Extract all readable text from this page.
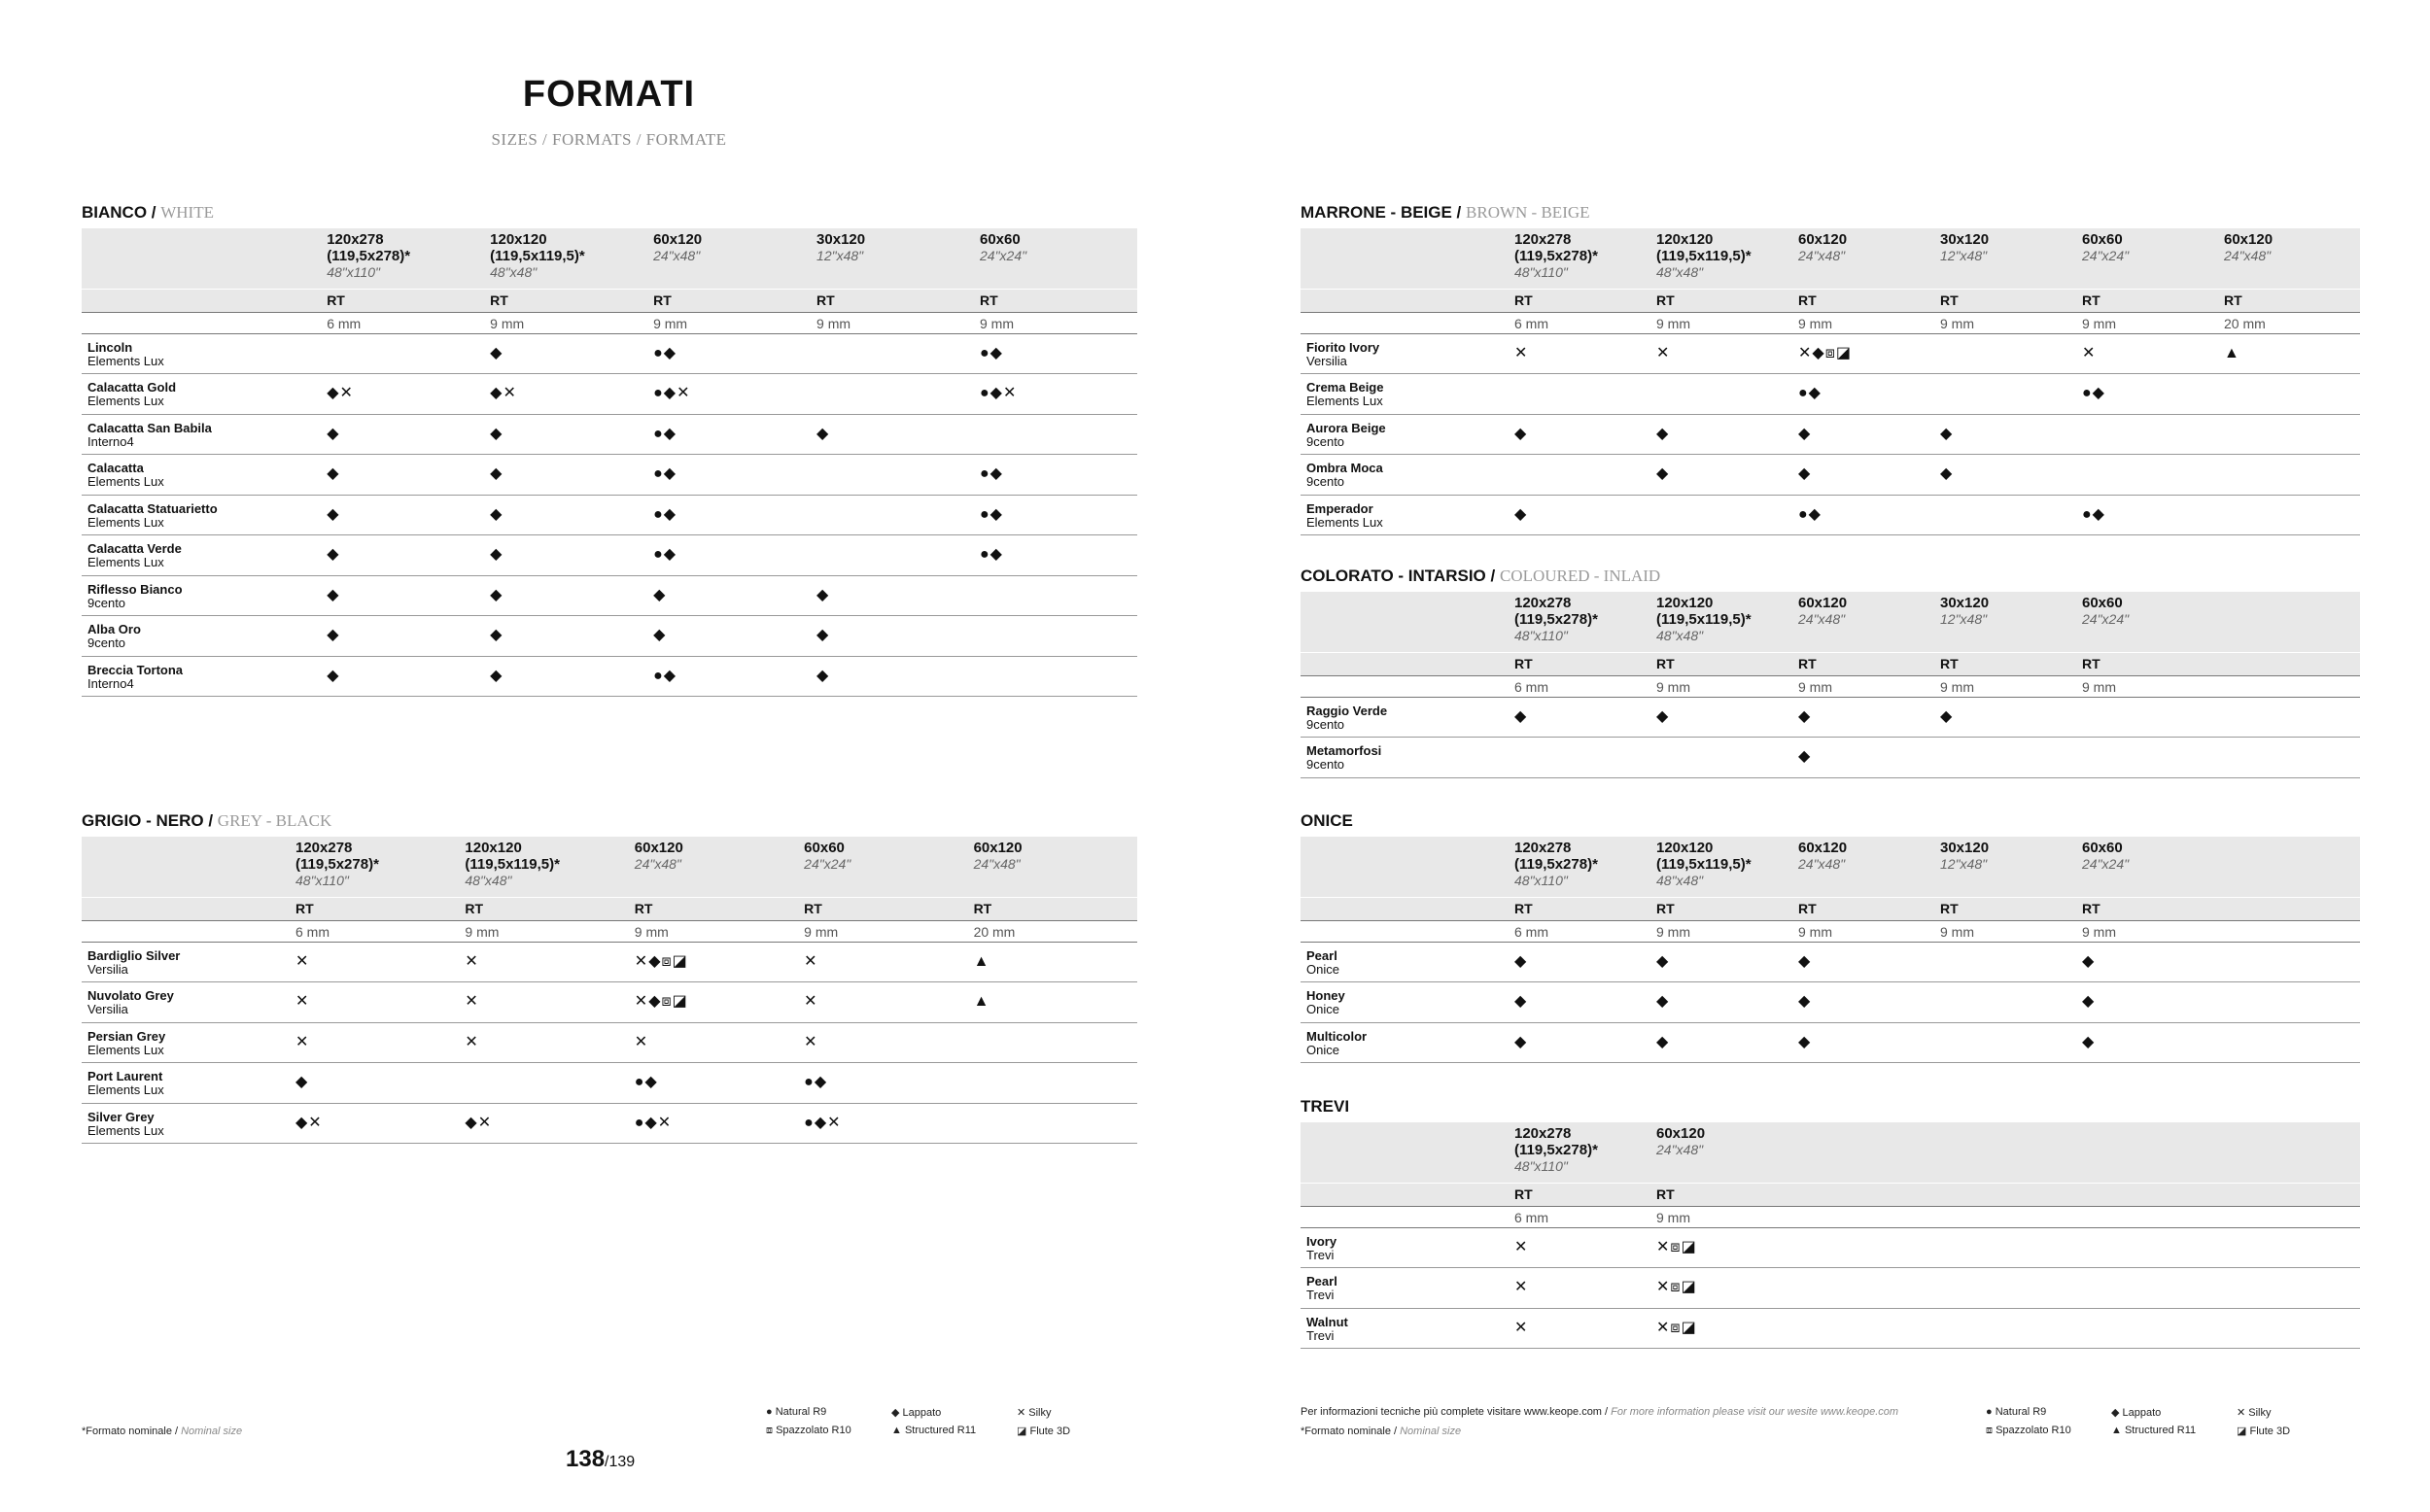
FORMATI
SIZES / FORMATS / FORMATE
BIANCO / WHITE

	120x278
(119,5x278)*
48"x110"	120x120
(119,5x119,5)*
48"x48"	60x120
24"x48"	30x120
12"x48"	60x60
24"x24"

	RT	RT	RT	RT	RT
	6 mm	9 mm	9 mm	9 mm	9 mm

Lincoln
Elements Lux		◆	●◆		●◆

Calacatta Gold
Elements Lux	◆✕	◆✕	●◆✕		●◆✕

Calacatta San Babila
Interno4	◆	◆	●◆	◆	

Calacatta
Elements Lux	◆	◆	●◆		●◆

Calacatta Statuarietto
Elements Lux	◆	◆	●◆		●◆

Calacatta Verde
Elements Lux	◆	◆	●◆		●◆

Riflesso Bianco
9cento	◆	◆	◆	◆	

Alba Oro
9cento	◆	◆	◆	◆	

Breccia Tortona
Interno4	◆	◆	●◆	◆	
GRIGIO - NERO / GREY - BLACK

	120x278
(119,5x278)*
48"x110"	120x120
(119,5x119,5)*
48"x48"	60x120
24"x48"	60x60
24"x24"	60x120
24"x48"

	RT	RT	RT	RT	RT
	6 mm	9 mm	9 mm	9 mm	20 mm

Bardiglio Silver
Versilia	✕	✕	✕◆⧈◪	✕	▲

Nuvolato Grey
Versilia	✕	✕	✕◆⧈◪	✕	▲

Persian Grey
Elements Lux	✕	✕	✕	✕	

Port Laurent
Elements Lux	◆		●◆	●◆	

Silver Grey
Elements Lux	◆✕	◆✕	●◆✕	●◆✕	
MARRONE - BEIGE / BROWN - BEIGE

	120x278
(119,5x278)*
48"x110"	120x120
(119,5x119,5)*
48"x48"	60x120
24"x48"	30x120
12"x48"	60x60
24"x24"	60x120
24"x48"

	RT	RT	RT	RT	RT	RT
	6 mm	9 mm	9 mm	9 mm	9 mm	20 mm

Fiorito Ivory
Versilia	✕	✕	✕◆⧈◪		✕	▲

Crema Beige
Elements Lux			●◆		●◆	

Aurora Beige
9cento	◆	◆	◆	◆		

Ombra Moca
9cento		◆	◆	◆		

Emperador
Elements Lux	◆		●◆		●◆	
COLORATO - INTARSIO / COLOURED - INLAID

	120x278
(119,5x278)*
48"x110"	120x120
(119,5x119,5)*
48"x48"	60x120
24"x48"	30x120
12"x48"	60x60
24"x24"	

	RT	RT	RT	RT	RT	
	6 mm	9 mm	9 mm	9 mm	9 mm	

Raggio Verde
9cento	◆	◆	◆	◆		

Metamorfosi
9cento			◆			
ONICE

	120x278
(119,5x278)*
48"x110"	120x120
(119,5x119,5)*
48"x48"	60x120
24"x48"	30x120
12"x48"	60x60
24"x24"	

	RT	RT	RT	RT	RT	
	6 mm	9 mm	9 mm	9 mm	9 mm	

Pearl
Onice	◆	◆	◆		◆	

Honey
Onice	◆	◆	◆		◆	

Multicolor
Onice	◆	◆	◆		◆	
TREVI

	120x278
(119,5x278)*
48"x110"	60x120
24"x48"				

	RT	RT				
	6 mm	9 mm				

Ivory
Trevi	✕	✕⧈◪				

Pearl
Trevi	✕	✕⧈◪				

Walnut
Trevi	✕	✕⧈◪				
*Formato nominale / Nominal size
Per informazioni tecniche più complete visitare www.keope.com / For more information please visit our wesite www.keope.com
*Formato nominale / Nominal size
● Natural R9	◆ Lappato	✕ Silky
⧈ Spazzolato R10	▲ Structured R11	◪ Flute 3D
● Natural R9	◆ Lappato	✕ Silky
⧈ Spazzolato R10	▲ Structured R11	◪ Flute 3D
138/139
